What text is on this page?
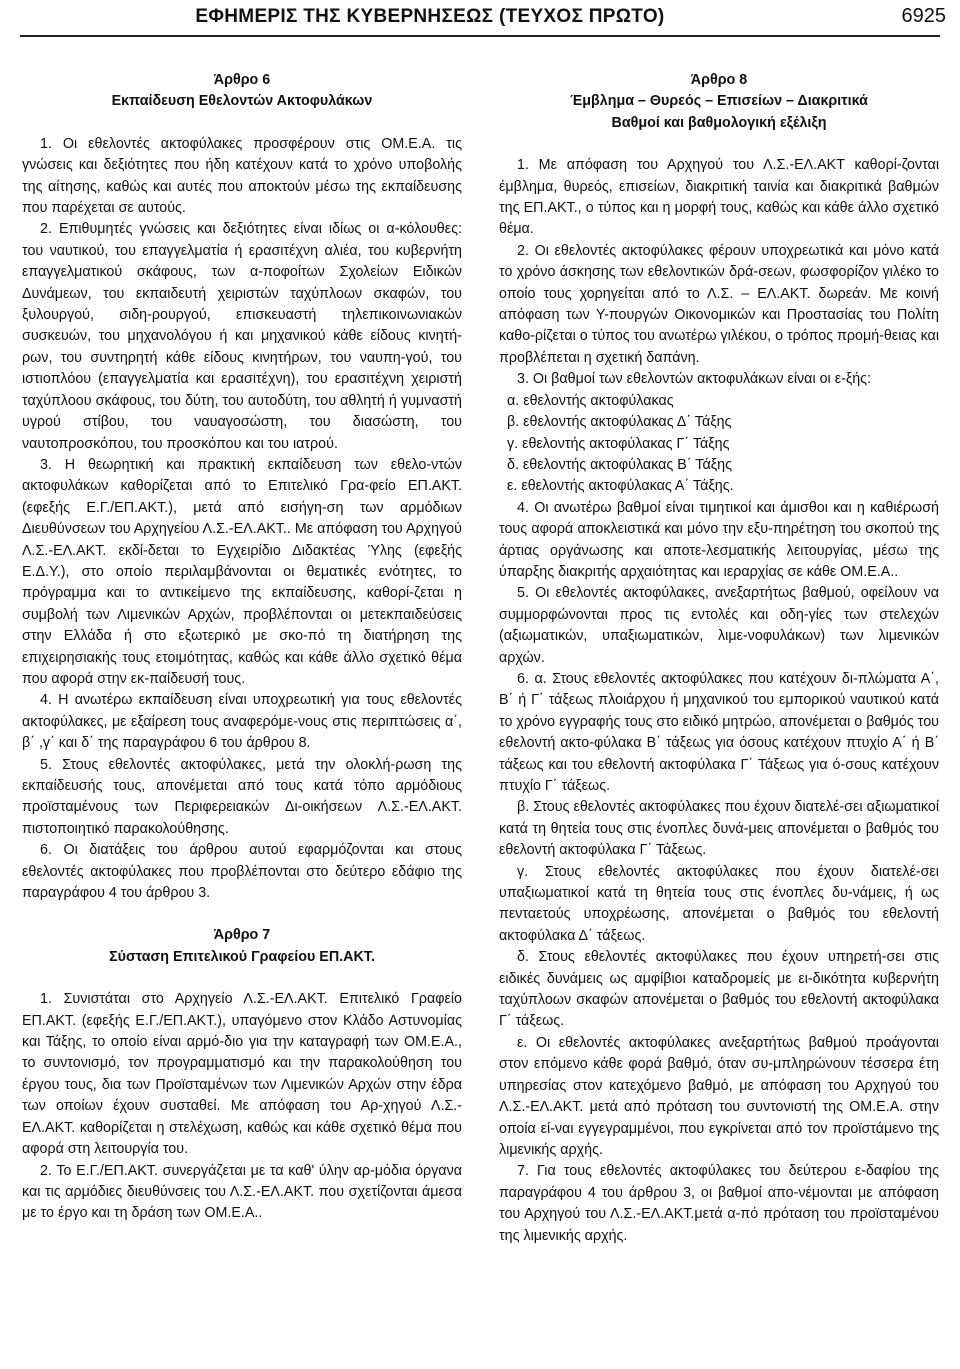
ΕΦΗΜΕΡΙΣ ΤΗΣ ΚΥΒΕΡΝΗΣΕΩΣ (ΤΕΥΧΟΣ ΠΡΩΤΟ)	6925
Άρθρο 6
Εκπαίδευση Εθελοντών Ακτοφυλάκων

1. Οι εθελοντές ακτοφύλακες προσφέρουν στις ΟΜ.Ε.Α. τις γνώσεις και δεξιότητες που ήδη κατέχουν κατά το χρόνο υποβολής της αίτησης, καθώς και αυτές που αποκτούν μέσω της εκπαίδευσης που παρέχεται σε αυτούς.

2. Επιθυμητές γνώσεις και δεξιότητες είναι ιδίως οι α-κόλουθες: του ναυτικού, του επαγγελματία ή ερασιτέχνη αλιέα, του κυβερνήτη επαγγελματικού σκάφους, των α-ποφοίτων Σχολείων Ειδικών Δυνάμεων, του εκπαιδευτή χειριστών ταχύπλοων σκαφών, του ξυλουργού, σιδη-ρουργού, επισκευαστή τηλεπικοινωνιακών συσκευών, του μηχανολόγου ή και μηχανικού κάθε είδους κινητή-ρων, του συντηρητή κάθε είδους κινητήρων, του ναυπη-γού, του ιστιοπλόου (επαγγελματία και ερασιτέχνη), του ερασιτέχνη χειριστή ταχύπλοου σκάφους, του δύτη, του αυτοδύτη, του αθλητή ή γυμναστή υγρού στίβου, του ναυαγοσώστη, του διασώστη, του ναυτοπροσκόπου, του προσκόπου και του ιατρού.

3. Η θεωρητική και πρακτική εκπαίδευση των εθελο-ντών ακτοφυλάκων καθορίζεται από το Επιτελικό Γρα-φείο ΕΠ.ΑΚΤ. (εφεξής Ε.Γ./ΕΠ.ΑΚΤ.), μετά από εισήγη-ση των αρμόδιων Διευθύνσεων του Αρχηγείου Λ.Σ.-ΕΛ.ΑΚΤ.. Με απόφαση του Αρχηγού Λ.Σ.-ΕΛ.ΑΚΤ. εκδί-δεται το Εγχειρίδιο Διδακτέας Ύλης (εφεξής Ε.Δ.Υ.), στο οποίο περιλαμβάνονται οι θεματικές ενότητες, το πρόγραμμα και το αντικείμενο της εκπαίδευσης, καθορί-ζεται η συμβολή των Λιμενικών Αρχών, προβλέπονται οι μετεκπαιδεύσεις στην Ελλάδα ή στο εξωτερικό με σκο-πό τη διατήρηση της επιχειρησιακής τους ετοιμότητας, καθώς και κάθε άλλο σχετικό θέμα που αφορά στην εκ-παίδευσή τους.

4. Η ανωτέρω εκπαίδευση είναι υποχρεωτική για τους εθελοντές ακτοφύλακες, με εξαίρεση τους αναφερόμε-νους στις περιπτώσεις α΄, β΄ ,γ΄ και δ΄ της παραγράφου 6 του άρθρου 8.

5. Στους εθελοντές ακτοφύλακες, μετά την ολοκλή-ρωση της εκπαίδευσής τους, απονέμεται από τους κατά τόπο αρμόδιους προϊσταμένους των Περιφερειακών Δι-οικήσεων Λ.Σ.-ΕΛ.ΑΚΤ. πιστοποιητικό παρακολούθησης.

6. Οι διατάξεις του άρθρου αυτού εφαρμόζονται και στους εθελοντές ακτοφύλακες που προβλέπονται στο δεύτερο εδάφιο της παραγράφου 4 του άρθρου 3.

Άρθρο 7
Σύσταση Επιτελικού Γραφείου ΕΠ.ΑΚΤ.

1. Συνιστάται στο Αρχηγείο Λ.Σ.-ΕΛ.ΑΚΤ. Επιτελικό Γραφείο ΕΠ.ΑΚΤ. (εφεξής Ε.Γ./ΕΠ.ΑΚΤ.), υπαγόμενο στον Κλάδο Αστυνομίας και Τάξης, το οποίο είναι αρμό-διο για την καταγραφή των ΟΜ.Ε.Α., το συντονισμό, τον προγραμματισμό και την παρακολούθηση του έργου τους, δια των Προϊσταμένων των Λιμενικών Αρχών στην έδρα των οποίων έχουν συσταθεί. Με απόφαση του Αρ-χηγού Λ.Σ.-ΕΛ.ΑΚΤ. καθορίζεται η στελέχωση, καθώς και κάθε σχετικό θέμα που αφορά στη λειτουργία του.

2. Το Ε.Γ./ΕΠ.ΑΚΤ. συνεργάζεται με τα καθ' ύλην αρ-μόδια όργανα και τις αρμόδιες διευθύνσεις του Λ.Σ.-ΕΛ.ΑΚΤ. που σχετίζονται άμεσα με το έργο και τη δράση των ΟΜ.Ε.Α..

Άρθρο 8
Έμβλημα – Θυρεός – Επισείων – Διακριτικά
Βαθμοί και βαθμολογική εξέλιξη

1. Με απόφαση του Αρχηγού του Λ.Σ.-ΕΛ.ΑΚΤ καθορί-ζονται έμβλημα, θυρεός, επισείων, διακριτική ταινία και διακριτικά βαθμών της ΕΠ.ΑΚΤ., ο τύπος και η μορφή τους, καθώς και κάθε άλλο σχετικό θέμα.

2. Οι εθελοντές ακτοφύλακες φέρουν υποχρεωτικά και μόνο κατά το χρόνο άσκησης των εθελοντικών δρά-σεων, φωσφορίζον γιλέκο το οποίο τους χορηγείται από το Λ.Σ. – ΕΛ.ΑΚΤ. δωρεάν. Με κοινή απόφαση των Υ-πουργών Οικονομικών και Προστασίας του Πολίτη καθο-ρίζεται ο τύπος του ανωτέρω γιλέκου, ο τρόπος προμή-θειας και προβλέπεται η σχετική δαπάνη.

3. Οι βαθμοί των εθελοντών ακτοφυλάκων είναι οι ε-ξής:

α. εθελοντής ακτοφύλακας

β. εθελοντής ακτοφύλακας Δ΄ Τάξης

γ. εθελοντής ακτοφύλακας Γ΄ Τάξης

δ. εθελοντής ακτοφύλακας Β΄ Τάξης

ε. εθελοντής ακτοφύλακας Α΄ Τάξης.

4. Οι ανωτέρω βαθμοί είναι τιμητικοί και άμισθοι και η καθιέρωσή τους αφορά αποκλειστικά και μόνο την εξυ-πηρέτηση του σκοπού της άρτιας οργάνωσης και αποτε-λεσματικής λειτουργίας, μέσω της ύπαρξης διακριτής αρχαιότητας και ιεραρχίας σε κάθε ΟΜ.Ε.Α..

5. Οι εθελοντές ακτοφύλακες, ανεξαρτήτως βαθμού, οφείλουν να συμμορφώνονται προς τις εντολές και οδη-γίες των στελεχών (αξιωματικών, υπαξιωματικών, λιμε-νοφυλάκων) των λιμενικών αρχών.

6. α. Στους εθελοντές ακτοφύλακες που κατέχουν δι-πλώματα Α΄, Β΄ ή Γ΄ τάξεως πλοιάρχου ή μηχανικού του εμπορικού ναυτικού κατά το χρόνο εγγραφής τους στο ειδικό μητρώο, απονέμεται ο βαθμός του εθελοντή ακτο-φύλακα Β΄ τάξεως για όσους κατέχουν πτυχίο Α΄ ή Β΄ τάξεως και του εθελοντή ακτοφύλακα Γ΄ Τάξεως για ό-σους κατέχουν πτυχίο Γ΄ τάξεως.

β. Στους εθελοντές ακτοφύλακες που έχουν διατελέ-σει αξιωματικοί κατά τη θητεία τους στις ένοπλες δυνά-μεις απονέμεται ο βαθμός του εθελοντή ακτοφύλακα Γ΄ Τάξεως.

γ. Στους εθελοντές ακτοφύλακες που έχουν διατελέ-σει υπαξιωματικοί κατά τη θητεία τους στις ένοπλες δυ-νάμεις, ή ως πενταετούς υποχρέωσης, απονέμεται ο βαθμός του εθελοντή ακτοφύλακα Δ΄ τάξεως.

δ. Στους εθελοντές ακτοφύλακες που έχουν υπηρετή-σει στις ειδικές δυνάμεις ως αμφίβιοι καταδρομείς με ει-δικότητα κυβερνήτη ταχύπλοων σκαφών απονέμεται ο βαθμός του εθελοντή ακτοφύλακα Γ΄ τάξεως.

ε. Οι εθελοντές ακτοφύλακες ανεξαρτήτως βαθμού προάγονται στον επόμενο κάθε φορά βαθμό, όταν συ-μπληρώνουν τέσσερα έτη υπηρεσίας στον κατεχόμενο βαθμό, με απόφαση του Αρχηγού του Λ.Σ.-ΕΛ.ΑΚΤ. μετά από πρόταση του συντονιστή της ΟΜ.Ε.Α. στην οποία εί-ναι εγγεγραμμένοι, που εγκρίνεται από τον προϊστάμενο της λιμενικής αρχής.

7. Για τους εθελοντές ακτοφύλακες του δεύτερου ε-δαφίου της παραγράφου 4 του άρθρου 3, οι βαθμοί απο-νέμονται με απόφαση του Αρχηγού του Λ.Σ.-ΕΛ.ΑΚΤ.μετά α-πό πρόταση του προϊσταμένου της λιμενικής αρχής.
